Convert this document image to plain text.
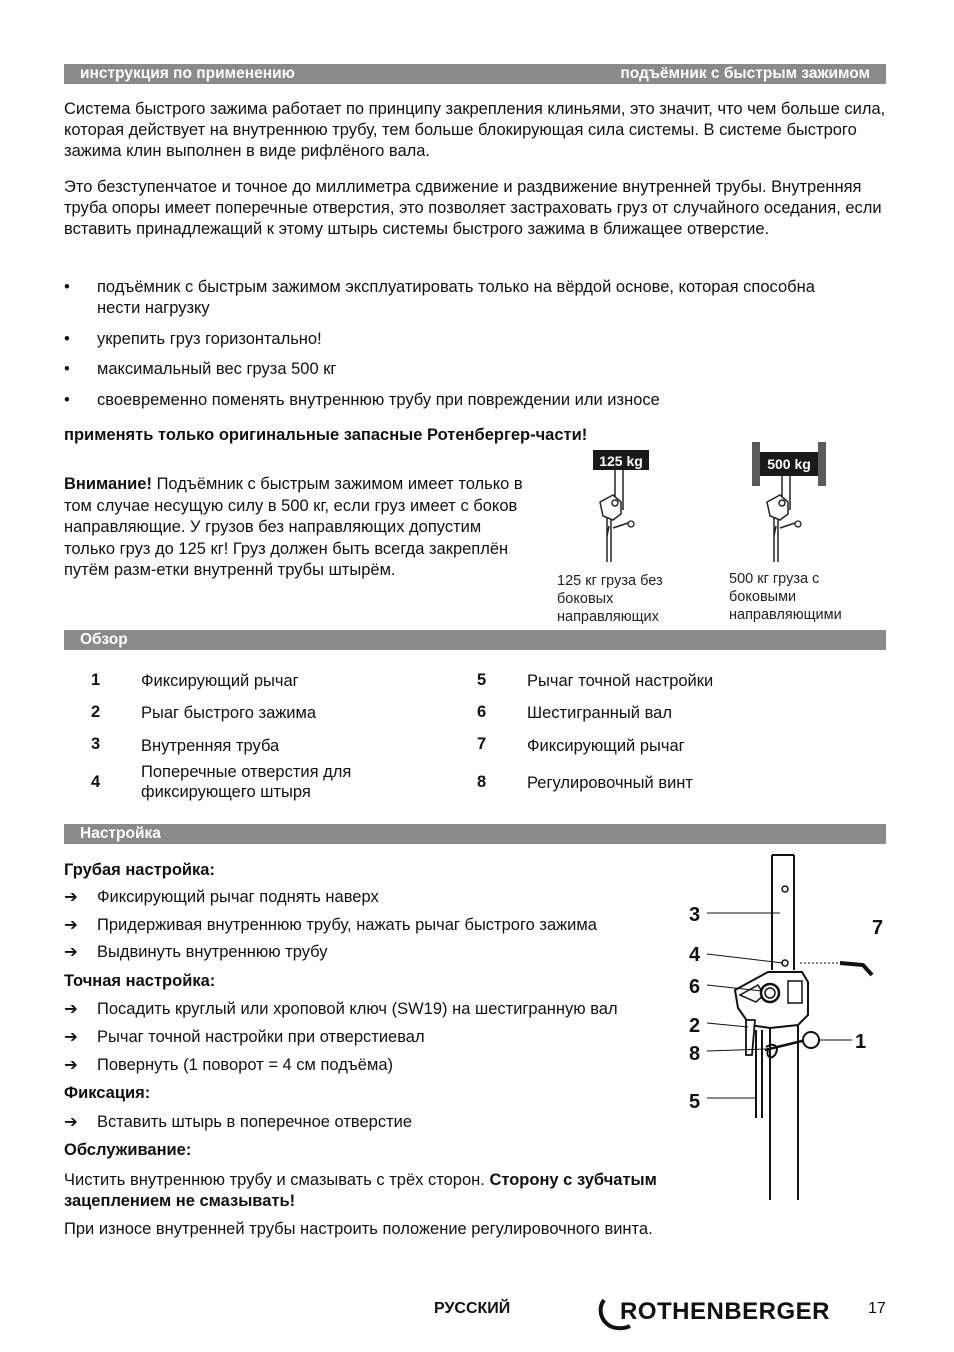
инструкция по применению	подъёмник с быстрым зажимом

Система быстрого зажима работает по принципу закрепления клиньями, это значит, что чем больше сила, которая действует на внутреннюю трубу, тем больше блокирующая сила системы. В системе быстрого зажима клин выполнен в виде рифлёного вала.

Это безступенчатое и точное до миллиметра сдвижение и раздвижение внутренней трубы. Внутренняя труба опоры имеет поперечные отверстия, это позволяет застраховать груз от случайного оседания, если вставить принадлежащий к этому штырь системы быстрого зажима в ближащее отверстие.

• подъёмник с быстрым зажимом эксплуатировать только на вёрдой основе, которая способна нести нагрузку
• укрепить груз горизонтально!
• максимальный вес груза 500 кг
• своевременно поменять внутреннюю трубу при повреждении или износе

применять только оригинальные запасные Ротенбергер-части!

Внимание! Подъёмник с быстрым зажимом имеет только в том случае несущую силу в 500 кг, если груз имеет с боков направляющие. У грузов без направляющих допустим только груз до 125 кг! Груз должен быть всегда закреплён путём разм-етки внутреннй трубы штырём.

125 kg	500 kg
125 кг груза без боковых направляющих
500 кг груза с боковыми направляющими
Обзор
1	Фиксирующий рычаг
2	Рыаг быстрого зажима
3	Внутренняя труба
4
Поперечные отверстия для фиксирующего штыря
5	Рычаг точной настройки
6	Шестигранный вал
7	Фиксирующий рычаг
8	Регулировочный винт
Настройка
Грубая настройка:
➔ Фиксирующий рычаг поднять наверх
➔ Придерживая внутреннюю трубу, нажать рычаг быстрого зажима
➔ Выдвинуть внутреннюю трубу
Точная настройка:
➔ Посадить круглый или хроповой ключ (SW19) на шестигранную вал
➔ Рычаг точной настройки при отверстиевал
➔ Повернуть (1 поворот = 4 см подъёма)
Фиксация:
➔ Вставить штырь в поперечное отверстие
Обслуживание:

Чистить внутреннюю трубу и смазывать с трёх сторон. Сторону с зубчатым зацеплением не смазывать!

При износе внутренней трубы настроить положение регулировочного винта.

3
4
6
2
8
5
7
1
РУССКИЙ	ROTHENBERGER 17
